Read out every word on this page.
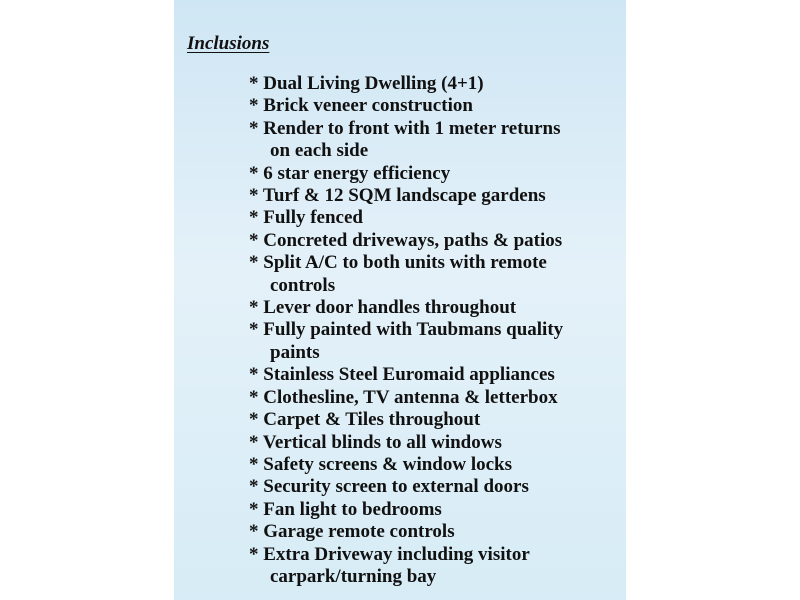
Inclusions
* Dual Living Dwelling (4+1)
* Brick veneer construction
* Render to front with 1 meter returns
on each side
* 6 star energy efficiency
* Turf & 12 SQM landscape gardens
* Fully fenced
* Concreted driveways, paths & patios
* Split A/C to both units with remote
controls
* Lever door handles throughout
* Fully painted with Taubmans quality
paints
* Stainless Steel Euromaid appliances
* Clothesline, TV antenna & letterbox
* Carpet & Tiles throughout
* Vertical blinds to all windows
* Safety screens & window locks
* Security screen to external doors
* Fan light to bedrooms
* Garage remote controls
* Extra Driveway including visitor
carpark/turning bay
